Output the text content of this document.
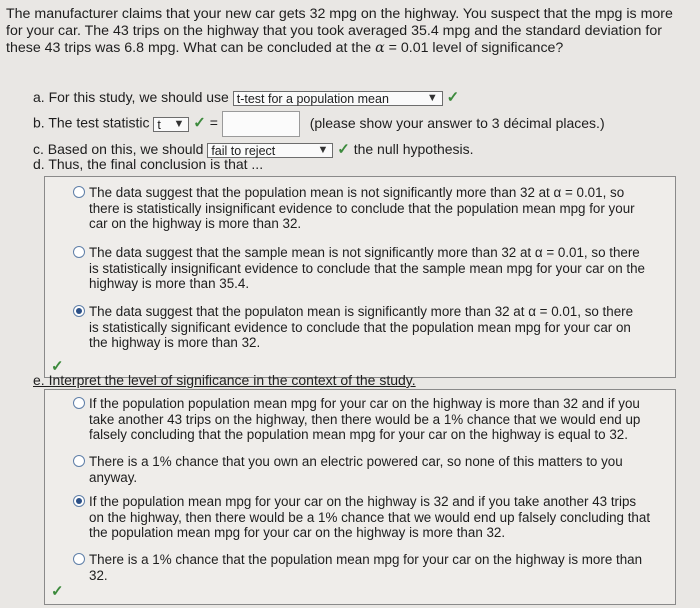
The manufacturer claims that your new car gets 32 mpg on the highway. You suspect that the mpg is more

for your car. The 43 trips on the highway that you took averaged 35.4 mpg and the standard deviation for

these 43 trips was 6.8 mpg. What can be concluded at the α = 0.01 level of significance?

a. For this study, we should use t-test for a population mean	▼ ✓
b. The test statistic t ▼ ✓ =	(please show your answer to 3 décimal places.)
c. Based on this, we should fail to reject	▼ ✓ the null hypothesis.
d. Thus, the final conclusion is that ...
The data suggest that the population mean is not significantly more than 32 at α = 0.01, so
there is statistically insignificant evidence to conclude that the population mean mpg for your
car on the highway is more than 32.
The data suggest that the sample mean is not significantly more than 32 at α = 0.01, so there
is statistically insignificant evidence to conclude that the sample mean mpg for your car on the
highway is more than 35.4.
The data suggest that the populaton mean is significantly more than 32 at α = 0.01, so there
is statistically significant evidence to conclude that the population mean mpg for your car on
the highway is more than 32.
✓
e. Interpret the level of significance in the context of the study.
If the population population mean mpg for your car on the highway is more than 32 and if you
take another 43 trips on the highway, then there would be a 1% chance that we would end up
falsely concluding that the population mean mpg for your car on the highway is equal to 32.
There is a 1% chance that you own an electric powered car, so none of this matters to you
anyway.
If the population mean mpg for your car on the highway is 32 and if you take another 43 trips
on the highway, then there would be a 1% chance that we would end up falsely concluding that
the population mean mpg for your car on the highway is more than 32.
There is a 1% chance that the population mean mpg for your car on the highway is more than
32.
✓
